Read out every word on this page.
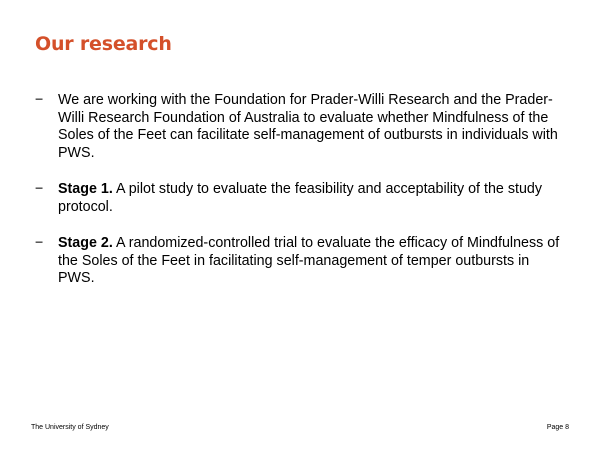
Our research
− We are working with the Foundation for Prader-Willi Research and the Prader-Willi Research Foundation of Australia to evaluate whether Mindfulness of the Soles of the Feet can facilitate self-management of outbursts in individuals with PWS.
− Stage 1. A pilot study to evaluate the feasibility and acceptability of the study protocol.
− Stage 2. A randomized-controlled trial to evaluate the efficacy of Mindfulness of the Soles of the Feet in facilitating self-management of temper outbursts in PWS.
The University of Sydney	Page 8
